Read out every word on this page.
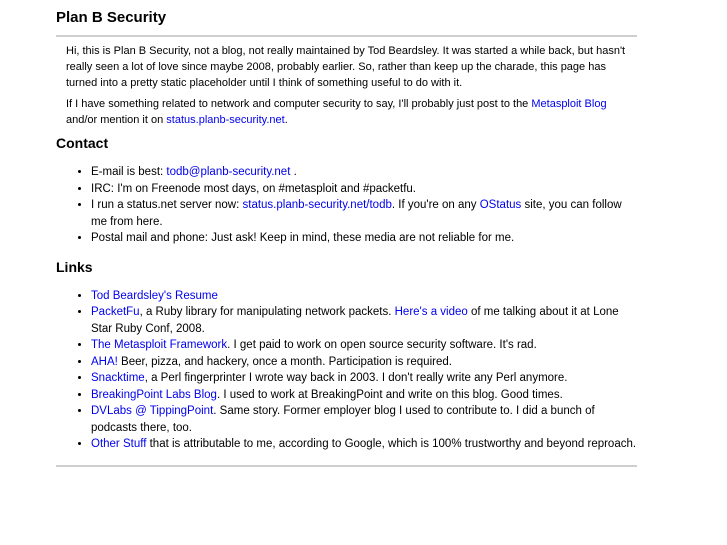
Plan B Security

Hi, this is Plan B Security, not a blog, not really maintained by Tod Beardsley. It was started a while back, but hasn't really seen a lot of love since maybe 2008, probably earlier. So, rather than keep up the charade, this page has turned into a pretty static placeholder until I think of something useful to do with it.

If I have something related to network and computer security to say, I'll probably just post to the Metasploit Blog and/or mention it on status.planb-security.net.

Contact
• E-mail is best: todb@planb-security.net .
• IRC: I'm on Freenode most days, on #metasploit and #packetfu.
• I run a status.net server now: status.planb-security.net/todb. If you're on any OStatus site, you can follow me from here.
• Postal mail and phone: Just ask! Keep in mind, these media are not reliable for me.
Links
• Tod Beardsley's Resume
• PacketFu, a Ruby library for manipulating network packets. Here's a video of me talking about it at Lone Star Ruby Conf, 2008.
• The Metasploit Framework. I get paid to work on open source security software. It's rad.
• AHA! Beer, pizza, and hackery, once a month. Participation is required.
• Snacktime, a Perl fingerprinter I wrote way back in 2003. I don't really write any Perl anymore.
• BreakingPoint Labs Blog. I used to work at BreakingPoint and write on this blog. Good times.
• DVLabs @ TippingPoint. Same story. Former employer blog I used to contribute to. I did a bunch of podcasts there, too.
• Other Stuff that is attributable to me, according to Google, which is 100% trustworthy and beyond reproach.
